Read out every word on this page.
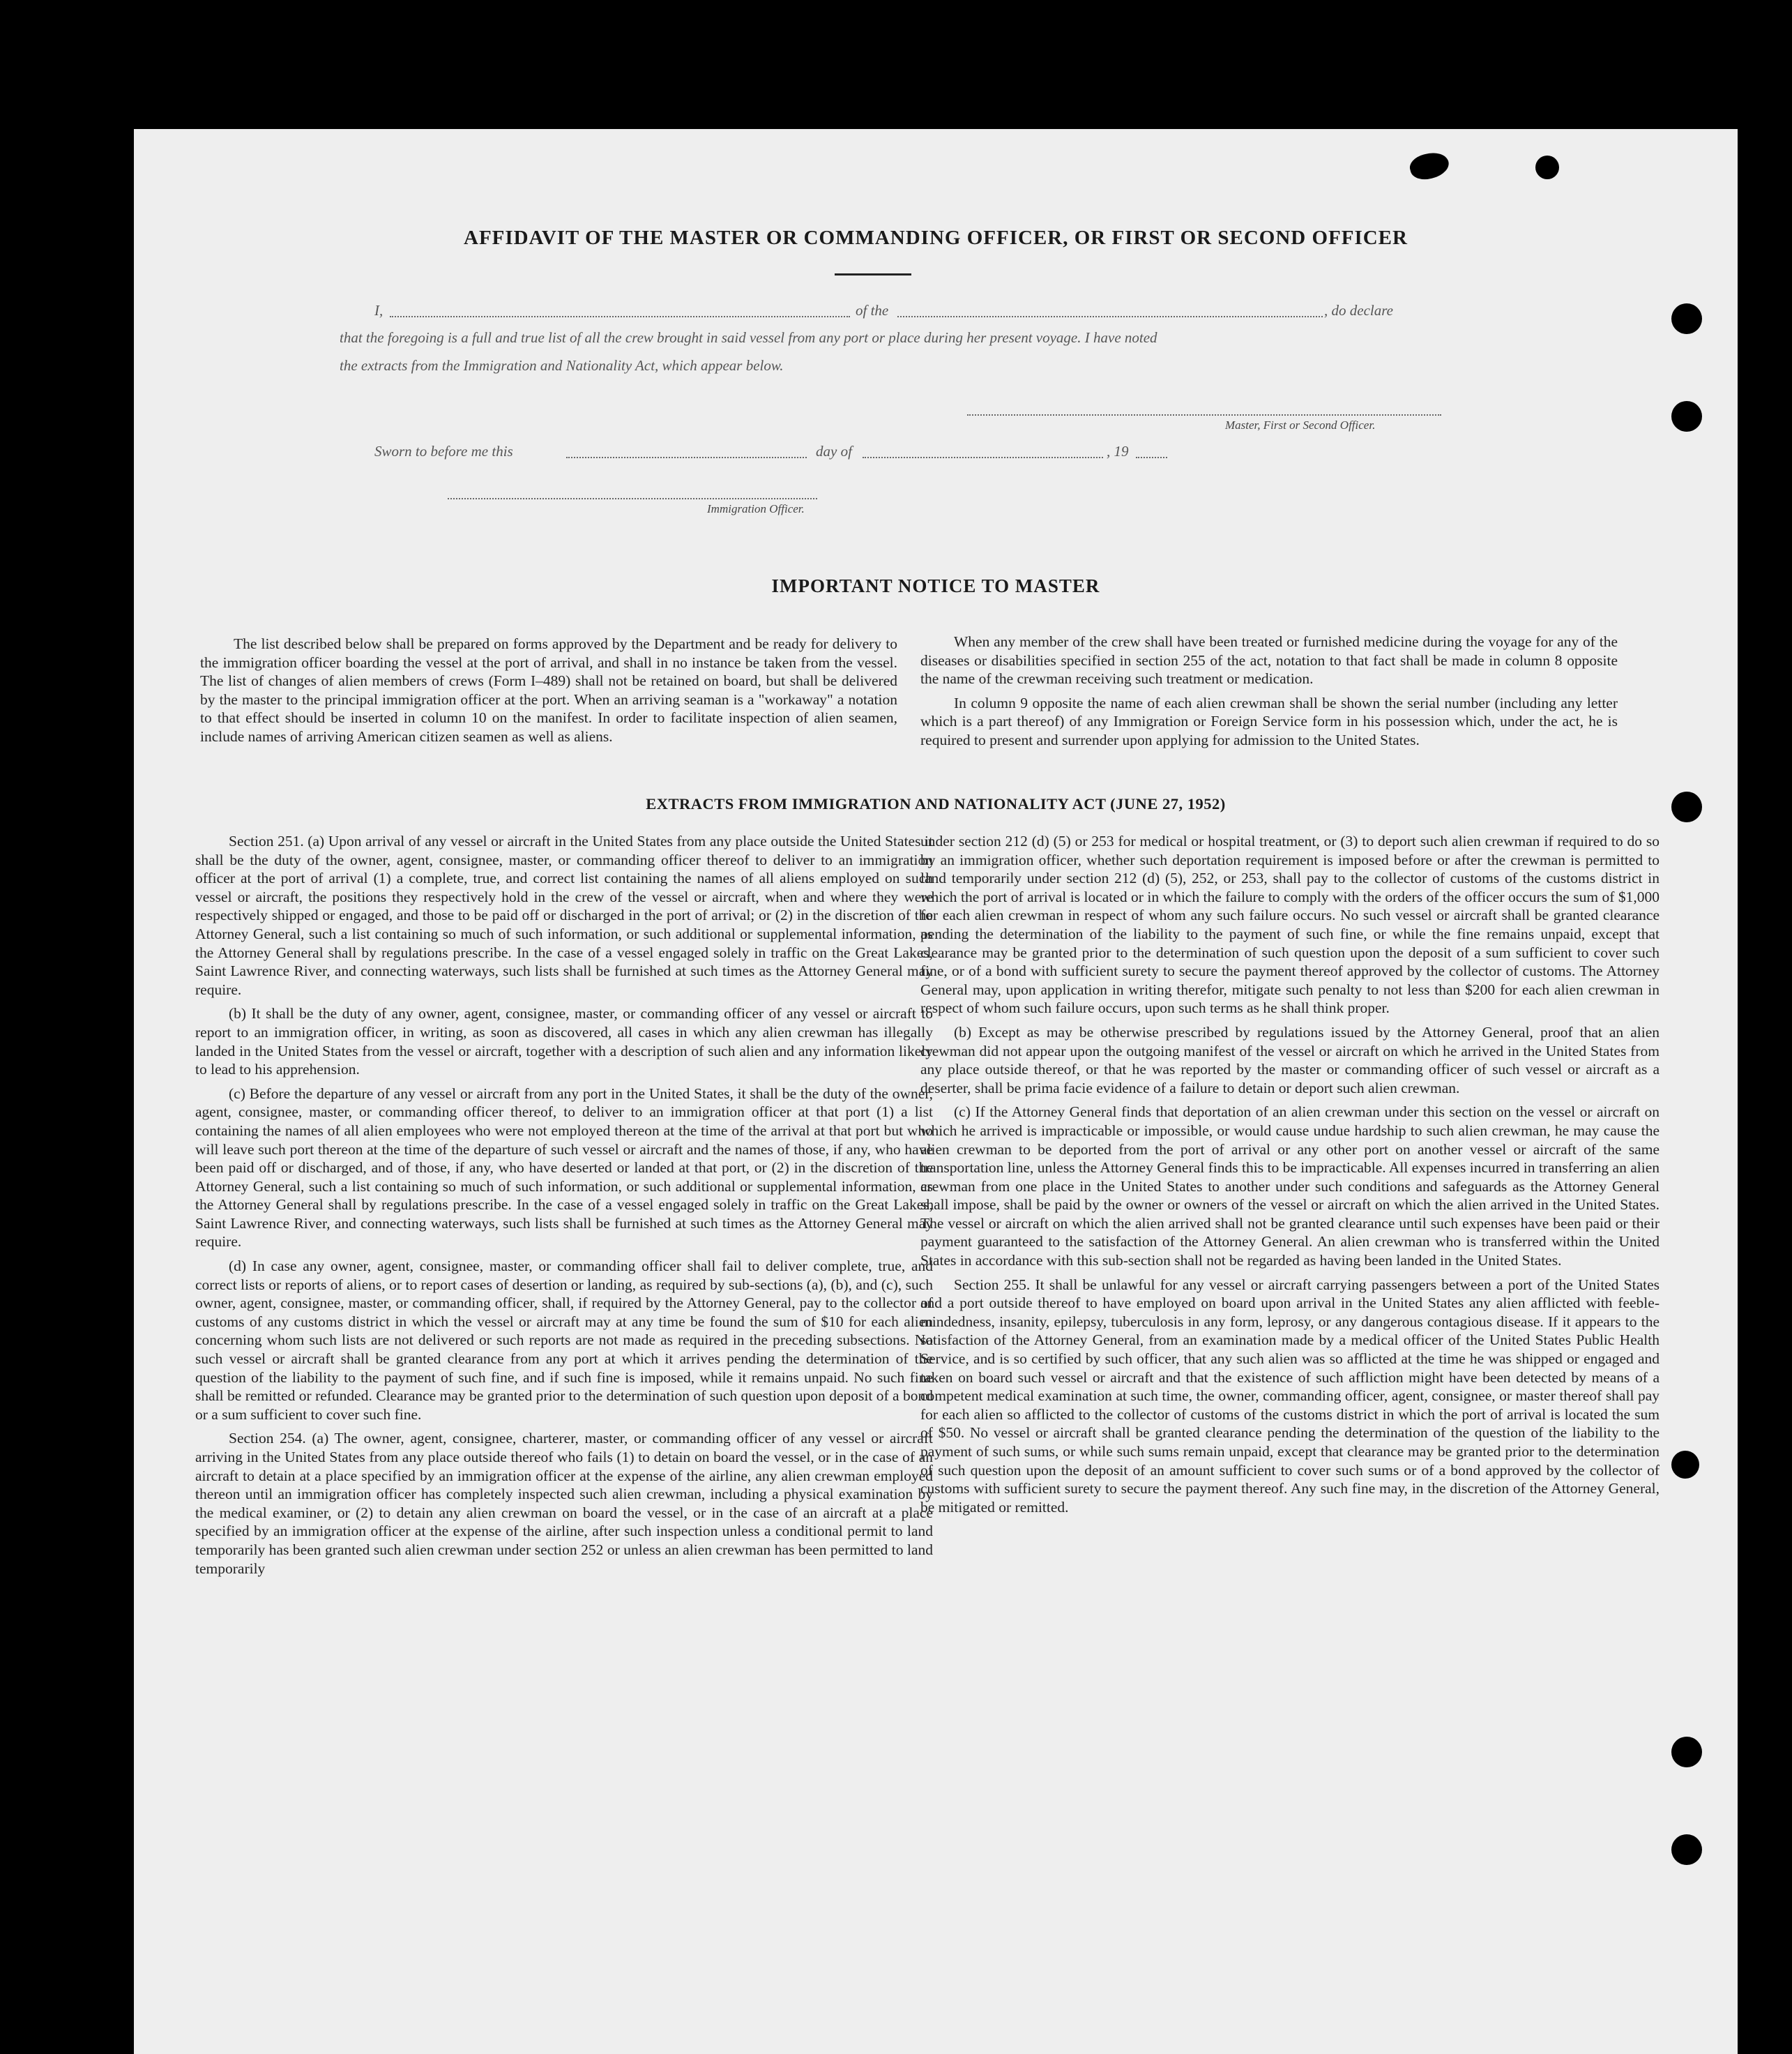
AFFIDAVIT OF THE MASTER OR COMMANDING OFFICER, OR FIRST OR SECOND OFFICER
I,	of the	, do declare
that the foregoing is a full and true list of all the crew brought in said vessel from any port or place during her present voyage. I have noted
the extracts from the Immigration and Nationality Act, which appear below.
Master, First or Second Officer.
Sworn to before me this	day of	, 19
Immigration Officer.
IMPORTANT NOTICE TO MASTER

The list described below shall be prepared on forms approved by the Department and be ready for delivery to the immigration officer boarding the vessel at the port of arrival, and shall in no instance be taken from the vessel. The list of changes of alien members of crews (Form I–489) shall not be retained on board, but shall be delivered by the master to the principal immigration officer at the port. When an arriving seaman is a "workaway" a notation to that effect should be inserted in column 10 on the manifest. In order to facilitate inspection of alien seamen, include names of arriving American citizen seamen as well as aliens.

When any member of the crew shall have been treated or furnished medicine during the voyage for any of the diseases or disabilities specified in section 255 of the act, notation to that fact shall be made in column 8 opposite the name of the crewman receiving such treatment or medication.

In column 9 opposite the name of each alien crewman shall be shown the serial number (including any letter which is a part thereof) of any Immigration or Foreign Service form in his possession which, under the act, he is required to present and surrender upon applying for admission to the United States.

EXTRACTS FROM IMMIGRATION AND NATIONALITY ACT (JUNE 27, 1952)

Section 251. (a) Upon arrival of any vessel or aircraft in the United States from any place outside the United States it shall be the duty of the owner, agent, consignee, master, or commanding officer thereof to deliver to an immigration officer at the port of arrival (1) a complete, true, and correct list containing the names of all aliens employed on such vessel or aircraft, the positions they respectively hold in the crew of the vessel or aircraft, when and where they were respectively shipped or engaged, and those to be paid off or discharged in the port of arrival; or (2) in the discretion of the Attorney General, such a list containing so much of such information, or such additional or supplemental information, as the Attorney General shall by regulations prescribe. In the case of a vessel engaged solely in traffic on the Great Lakes, Saint Lawrence River, and connecting waterways, such lists shall be furnished at such times as the Attorney General may require.

(b) It shall be the duty of any owner, agent, consignee, master, or commanding officer of any vessel or aircraft to report to an immigration officer, in writing, as soon as discovered, all cases in which any alien crewman has illegally landed in the United States from the vessel or aircraft, together with a description of such alien and any information likely to lead to his apprehension.

(c) Before the departure of any vessel or aircraft from any port in the United States, it shall be the duty of the owner, agent, consignee, master, or commanding officer thereof, to deliver to an immigration officer at that port (1) a list containing the names of all alien employees who were not employed thereon at the time of the arrival at that port but who will leave such port thereon at the time of the departure of such vessel or aircraft and the names of those, if any, who have been paid off or discharged, and of those, if any, who have deserted or landed at that port, or (2) in the discretion of the Attorney General, such a list containing so much of such information, or such additional or supplemental information, as the Attorney General shall by regulations prescribe. In the case of a vessel engaged solely in traffic on the Great Lakes, Saint Lawrence River, and connecting waterways, such lists shall be furnished at such times as the Attorney General may require.

(d) In case any owner, agent, consignee, master, or commanding officer shall fail to deliver complete, true, and correct lists or reports of aliens, or to report cases of desertion or landing, as required by sub-sections (a), (b), and (c), such owner, agent, consignee, master, or commanding officer, shall, if required by the Attorney General, pay to the collector of customs of any customs district in which the vessel or aircraft may at any time be found the sum of $10 for each alien concerning whom such lists are not delivered or such reports are not made as required in the preceding subsections. No such vessel or aircraft shall be granted clearance from any port at which it arrives pending the determination of the question of the liability to the payment of such fine, and if such fine is imposed, while it remains unpaid. No such fine shall be remitted or refunded. Clearance may be granted prior to the determination of such question upon deposit of a bond or a sum sufficient to cover such fine.

Section 254. (a) The owner, agent, consignee, charterer, master, or commanding officer of any vessel or aircraft arriving in the United States from any place outside thereof who fails (1) to detain on board the vessel, or in the case of an aircraft to detain at a place specified by an immigration officer at the expense of the airline, any alien crewman employed thereon until an immigration officer has completely inspected such alien crewman, including a physical examination by the medical examiner, or (2) to detain any alien crewman on board the vessel, or in the case of an aircraft at a place specified by an immigration officer at the expense of the airline, after such inspection unless a conditional permit to land temporarily has been granted such alien crewman under section 252 or unless an alien crewman has been permitted to land temporarily

under section 212 (d) (5) or 253 for medical or hospital treatment, or (3) to deport such alien crewman if required to do so by an immigration officer, whether such deportation requirement is imposed before or after the crewman is permitted to land temporarily under section 212 (d) (5), 252, or 253, shall pay to the collector of customs of the customs district in which the port of arrival is located or in which the failure to comply with the orders of the officer occurs the sum of $1,000 for each alien crewman in respect of whom any such failure occurs. No such vessel or aircraft shall be granted clearance pending the determination of the liability to the payment of such fine, or while the fine remains unpaid, except that clearance may be granted prior to the determination of such question upon the deposit of a sum sufficient to cover such fine, or of a bond with sufficient surety to secure the payment thereof approved by the collector of customs. The Attorney General may, upon application in writing therefor, mitigate such penalty to not less than $200 for each alien crewman in respect of whom such failure occurs, upon such terms as he shall think proper.

(b) Except as may be otherwise prescribed by regulations issued by the Attorney General, proof that an alien crewman did not appear upon the outgoing manifest of the vessel or aircraft on which he arrived in the United States from any place outside thereof, or that he was reported by the master or commanding officer of such vessel or aircraft as a deserter, shall be prima facie evidence of a failure to detain or deport such alien crewman.

(c) If the Attorney General finds that deportation of an alien crewman under this section on the vessel or aircraft on which he arrived is impracticable or impossible, or would cause undue hardship to such alien crewman, he may cause the alien crewman to be deported from the port of arrival or any other port on another vessel or aircraft of the same transportation line, unless the Attorney General finds this to be impracticable. All expenses incurred in transferring an alien crewman from one place in the United States to another under such conditions and safeguards as the Attorney General shall impose, shall be paid by the owner or owners of the vessel or aircraft on which the alien arrived in the United States. The vessel or aircraft on which the alien arrived shall not be granted clearance until such expenses have been paid or their payment guaranteed to the satisfaction of the Attorney General. An alien crewman who is transferred within the United States in accordance with this sub-section shall not be regarded as having been landed in the United States.

Section 255. It shall be unlawful for any vessel or aircraft carrying passengers between a port of the United States and a port outside thereof to have employed on board upon arrival in the United States any alien afflicted with feeble-mindedness, insanity, epilepsy, tuberculosis in any form, leprosy, or any dangerous contagious disease. If it appears to the satisfaction of the Attorney General, from an examination made by a medical officer of the United States Public Health Service, and is so certified by such officer, that any such alien was so afflicted at the time he was shipped or engaged and taken on board such vessel or aircraft and that the existence of such affliction might have been detected by means of a competent medical examination at such time, the owner, commanding officer, agent, consignee, or master thereof shall pay for each alien so afflicted to the collector of customs of the customs district in which the port of arrival is located the sum of $50. No vessel or aircraft shall be granted clearance pending the determination of the question of the liability to the payment of such sums, or while such sums remain unpaid, except that clearance may be granted prior to the determination of such question upon the deposit of an amount sufficient to cover such sums or of a bond approved by the collector of customs with sufficient surety to secure the payment thereof. Any such fine may, in the discretion of the Attorney General, be mitigated or remitted.
